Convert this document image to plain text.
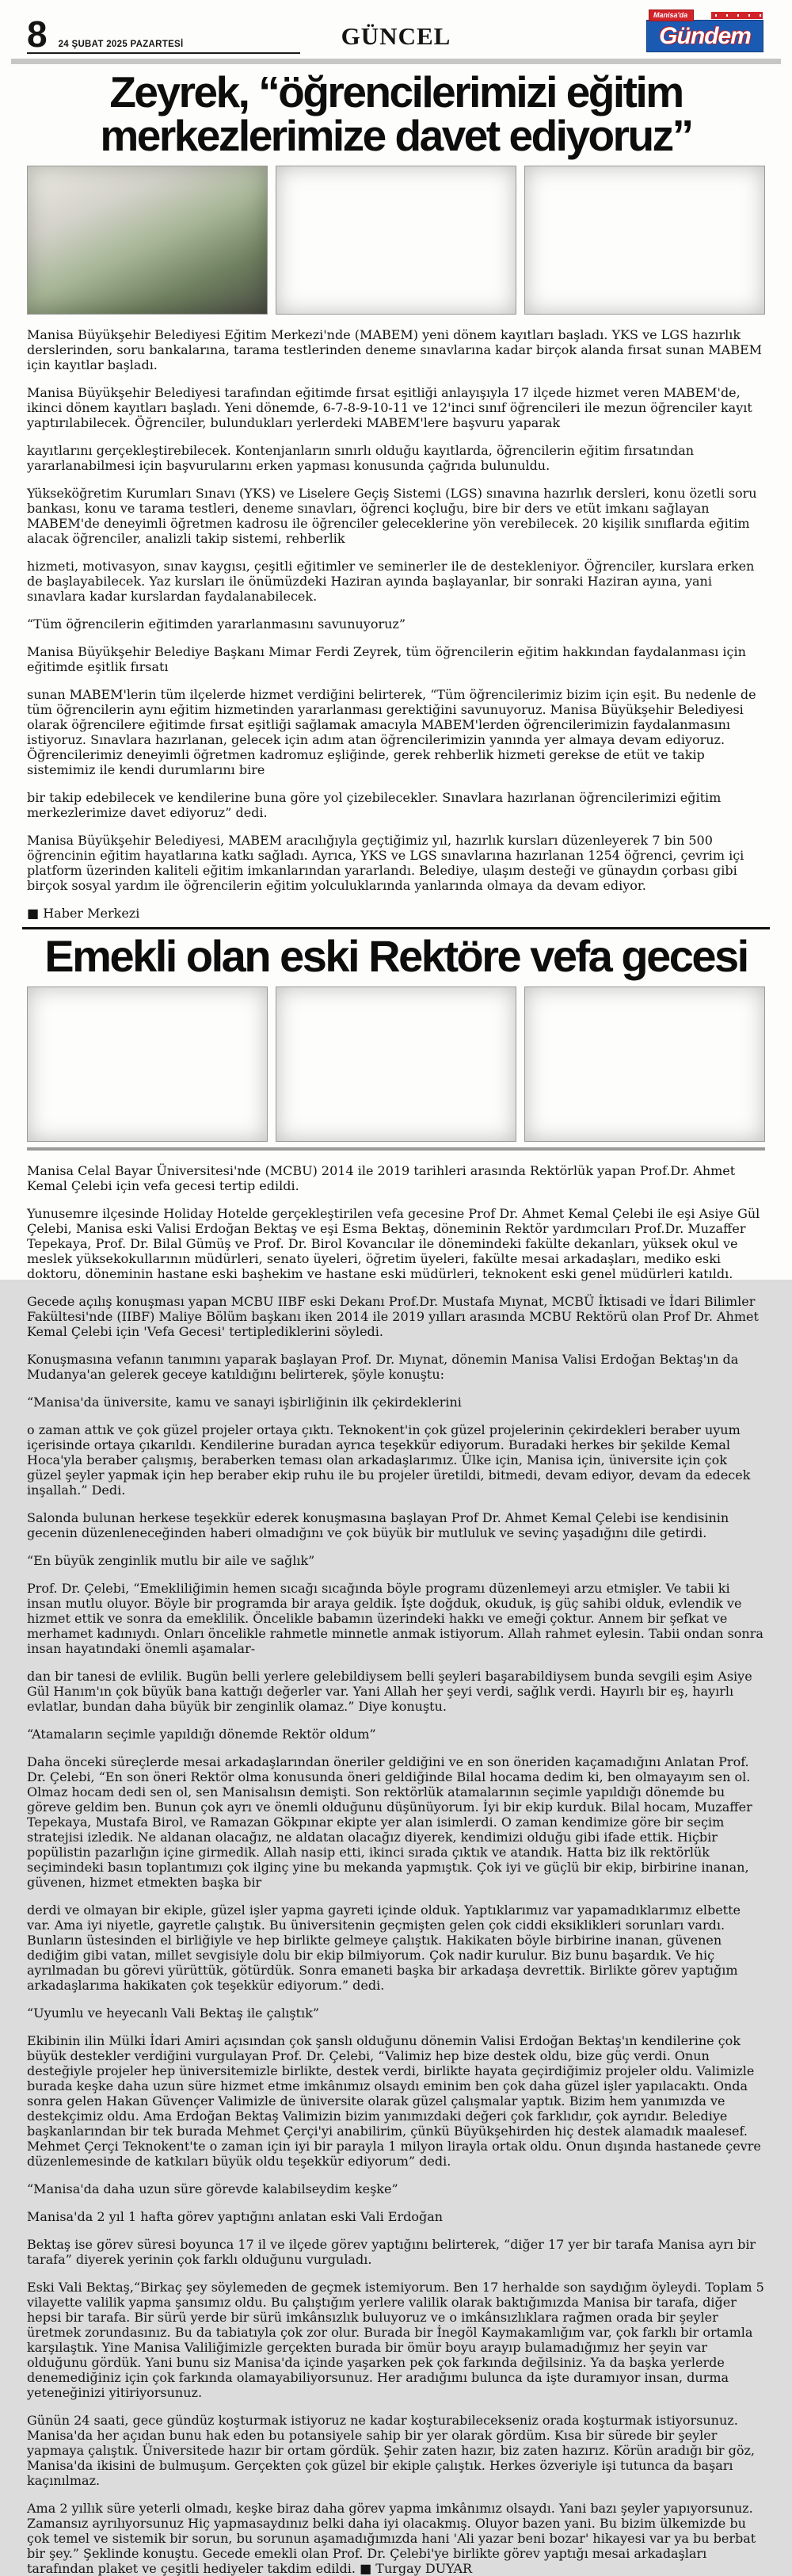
8 24 ŞUBAT 2025 PAZARTESİ	GÜNCEL
Manisa'da
Gündem
Zeyrek, “öğrencilerimizi eğitim merkezlerimize davet ediyoruz”

Manisa Büyükşehir Belediyesi Eğitim Merkezi'nde (MABEM) yeni dönem kayıtları başladı. YKS ve LGS hazırlık derslerinden, soru bankalarına, tarama testlerinden deneme sınavlarına kadar birçok alanda fırsat sunan MABEM için kayıtlar başladı.

Manisa Büyükşehir Belediyesi tarafından eğitimde fırsat eşitliği anlayışıyla 17 ilçede hizmet veren MABEM'de, ikinci dönem kayıtları başladı. Yeni dönemde, 6-7-8-9-10-11 ve 12'inci sınıf öğrencileri ile mezun öğrenciler kayıt yaptırılabilecek. Öğrenciler, bulundukları yerlerdeki MABEM'lere başvuru yaparak

kayıtlarını gerçekleştirebilecek. Kontenjanların sınırlı olduğu kayıtlarda, öğrencilerin eğitim fırsatından yararlanabilmesi için başvurularını erken yapması konusunda çağrıda bulunuldu.

Yükseköğretim Kurumları Sınavı (YKS) ve Liselere Geçiş Sistemi (LGS) sınavına hazırlık dersleri, konu özetli soru bankası, konu ve tarama testleri, deneme sınavları, öğrenci koçluğu, bire bir ders ve etüt imkanı sağlayan MABEM'de deneyimli öğretmen kadrosu ile öğrenciler geleceklerine yön verebilecek. 20 kişilik sınıflarda eğitim alacak öğrenciler, analizli takip sistemi, rehberlik

hizmeti, motivasyon, sınav kaygısı, çeşitli eğitimler ve seminerler ile de destekleniyor. Öğrenciler, kurslara erken de başlayabilecek. Yaz kursları ile önümüzdeki Haziran ayında başlayanlar, bir sonraki Haziran ayına, yani sınavlara kadar kurslardan faydalanabilecek.

“Tüm öğrencilerin eğitimden yararlanmasını savunuyoruz”

Manisa Büyükşehir Belediye Başkanı Mimar Ferdi Zeyrek, tüm öğrencilerin eğitim hakkından faydalanması için eğitimde eşitlik fırsatı

sunan MABEM'lerin tüm ilçelerde hizmet verdiğini belirterek, “Tüm öğrencilerimiz bizim için eşit. Bu nedenle de tüm öğrencilerin aynı eğitim hizmetinden yararlanması gerektiğini savunuyoruz. Manisa Büyükşehir Belediyesi olarak öğrencilere eğitimde fırsat eşitliği sağlamak amacıyla MABEM'lerden öğrencilerimizin faydalanmasını istiyoruz. Sınavlara hazırlanan, gelecek için adım atan öğrencilerimizin yanında yer almaya devam ediyoruz. Öğrencilerimiz deneyimli öğretmen kadromuz eşliğinde, gerek rehberlik hizmeti gerekse de etüt ve takip sistemimiz ile kendi durumlarını bire

bir takip edebilecek ve kendilerine buna göre yol çizebilecekler. Sınavlara hazırlanan öğrencilerimizi eğitim merkezlerimize davet ediyoruz” dedi.

Manisa Büyükşehir Belediyesi, MABEM aracılığıyla geçtiğimiz yıl, hazırlık kursları düzenleyerek 7 bin 500 öğrencinin eğitim hayatlarına katkı sağladı. Ayrıca, YKS ve LGS sınavlarına hazırlanan 1254 öğrenci, çevrim içi platform üzerinden kaliteli eğitim imkanlarından yararlandı. Belediye, ulaşım desteği ve günaydın çorbası gibi birçok sosyal yardım ile öğrencilerin eğitim yolculuklarında yanlarında olmaya da devam ediyor.

■ Haber Merkezi
Emekli olan eski Rektöre vefa gecesi

Manisa Celal Bayar Üniversitesi'nde (MCBU) 2014 ile 2019 tarihleri arasında Rektörlük yapan Prof.Dr. Ahmet Kemal Çelebi için vefa gecesi tertip edildi.

Yunusemre ilçesinde Holiday Hotelde gerçekleştirilen vefa gecesine Prof Dr. Ahmet Kemal Çelebi ile eşi Asiye Gül Çelebi, Manisa eski Valisi Erdoğan Bektaş ve eşi Esma Bektaş, döneminin Rektör yardımcıları Prof.Dr. Muzaffer Tepekaya, Prof. Dr. Bilal Gümüş ve Prof. Dr. Birol Kovancılar ile dönemindeki fakülte dekanları, yüksek okul ve meslek yüksekokullarının müdürleri, senato üyeleri, öğretim üyeleri, fakülte mesai arkadaşları, mediko eski doktoru, döneminin hastane eski başhekim ve hastane eski müdürleri, teknokent eski genel müdürleri katıldı.

Gecede açılış konuşması yapan MCBU IIBF eski Dekanı Prof.Dr. Mustafa Mıynat, MCBÜ İktisadi ve İdari Bilimler Fakültesi'nde (IIBF) Maliye Bölüm başkanı iken 2014 ile 2019 yılları arasında MCBU Rektörü olan Prof Dr. Ahmet Kemal Çelebi için 'Vefa Gecesi' tertiplediklerini söyledi.

Konuşmasına vefanın tanımını yaparak başlayan Prof. Dr. Mıynat, dönemin Manisa Valisi Erdoğan Bektaş'ın da Mudanya'an gelerek geceye katıldığını belirterek, şöyle konuştu:

“Manisa'da üniversite, kamu ve sanayi işbirliğinin ilk çekirdeklerini

o zaman attık ve çok güzel projeler ortaya çıktı. Teknokent'in çok güzel projelerinin çekirdekleri beraber uyum içerisinde ortaya çıkarıldı. Kendilerine buradan ayrıca teşekkür ediyorum. Buradaki herkes bir şekilde Kemal Hoca'yla beraber çalışmış, beraberken teması olan arkadaşlarımız. Ülke için, Manisa için, üniversite için çok güzel şeyler yapmak için hep beraber ekip ruhu ile bu projeler üretildi, bitmedi, devam ediyor, devam da edecek inşallah.” Dedi.

Salonda bulunan herkese teşekkür ederek konuşmasına başlayan Prof Dr. Ahmet Kemal Çelebi ise kendisinin gecenin düzenleneceğinden haberi olmadığını ve çok büyük bir mutluluk ve sevinç yaşadığını dile getirdi.

“En büyük zenginlik mutlu bir aile ve sağlık”

Prof. Dr. Çelebi, “Emekliliğimin hemen sıcağı sıcağında böyle programı düzenlemeyi arzu etmişler. Ve tabii ki insan mutlu oluyor. Böyle bir programda bir araya geldik. İşte doğduk, okuduk, iş güç sahibi olduk, evlendik ve hizmet ettik ve sonra da emeklilik. Öncelikle babamın üzerindeki hakkı ve emeği çoktur. Annem bir şefkat ve merhamet kadınıydı. Onları öncelikle rahmetle minnetle anmak istiyorum. Allah rahmet eylesin. Tabii ondan sonra insan hayatındaki önemli aşamalar-

dan bir tanesi de evlilik. Bugün belli yerlere gelebildiysem belli şeyleri başarabildiysem bunda sevgili eşim Asiye Gül Hanım'ın çok büyük bana kattığı değerler var. Yani Allah her şeyi verdi, sağlık verdi. Hayırlı bir eş, hayırlı evlatlar, bundan daha büyük bir zenginlik olamaz.” Diye konuştu.

“Atamaların seçimle yapıldığı dönemde Rektör oldum”

Daha önceki süreçlerde mesai arkadaşlarından öneriler geldiğini ve en son öneriden kaçamadığını Anlatan Prof. Dr. Çelebi, “En son öneri Rektör olma konusunda öneri geldiğinde Bilal hocama dedim ki, ben olmayayım sen ol. Olmaz hocam dedi sen ol, sen Manisalısın demişti. Son rektörlük atamalarının seçimle yapıldığı dönemde bu göreve geldim ben. Bunun çok ayrı ve önemli olduğunu düşünüyorum. İyi bir ekip kurduk. Bilal hocam, Muzaffer Tepekaya, Mustafa Birol, ve Ramazan Gökpınar ekipte yer alan isimlerdi. O zaman kendimize göre bir seçim stratejisi izledik. Ne aldanan olacağız, ne aldatan olacağız diyerek, kendimizi olduğu gibi ifade ettik. Hiçbir popülistin pazarlığın içine girmedik. Allah nasip etti, ikinci sırada çıktık ve atandık. Hatta biz ilk rektörlük seçimindeki basın toplantımızı çok ilginç yine bu mekanda yapmıştık. Çok iyi ve güçlü bir ekip, birbirine inanan, güvenen, hizmet etmekten başka bir

derdi ve olmayan bir ekiple, güzel işler yapma gayreti içinde olduk. Yaptıklarımız var yapamadıklarımız elbette var. Ama iyi niyetle, gayretle çalıştık. Bu üniversitenin geçmişten gelen çok ciddi eksiklikleri sorunları vardı. Bunların üstesinden el birliğiyle ve hep birlikte gelmeye çalıştık. Hakikaten böyle birbirine inanan, güvenen dediğim gibi vatan, millet sevgisiyle dolu bir ekip bilmiyorum. Çok nadir kurulur. Biz bunu başardık. Ve hiç ayrılmadan bu görevi yürüttük, götürdük. Sonra emaneti başka bir arkadaşa devrettik. Birlikte görev yaptığım arkadaşlarıma hakikaten çok teşekkür ediyorum.” dedi.

“Uyumlu ve heyecanlı Vali Bektaş ile çalıştık”

Ekibinin ilin Mülki İdari Amiri açısından çok şanslı olduğunu dönemin Valisi Erdoğan Bektaş'ın kendilerine çok büyük destekler verdiğini vurgulayan Prof. Dr. Çelebi, “Valimiz hep bize destek oldu, bize güç verdi. Onun desteğiyle projeler hep üniversitemizle birlikte, destek verdi, birlikte hayata geçirdiğimiz projeler oldu. Valimizle burada keşke daha uzun süre hizmet etme imkânımız olsaydı eminim ben çok daha güzel işler yapılacaktı. Onda sonra gelen Hakan Güvençer Valimizle de üniversite olarak güzel çalışmalar yaptık. Bizim hem yanımızda ve destekçimiz oldu. Ama Erdoğan Bektaş Valimizin bizim yanımızdaki değeri çok farklıdır, çok ayrıdır. Belediye başkanlarından bir tek burada Mehmet Çerçi'yi anabilirim, çünkü Büyükşehirden hiç destek alamadık maalesef. Mehmet Çerçi Teknokent'te o zaman için iyi bir parayla 1 milyon lirayla ortak oldu. Onun dışında hastanede çevre düzenlemesinde de katkıları büyük oldu teşekkür ediyorum” dedi.

“Manisa'da daha uzun süre görevde kalabilseydim keşke”

Manisa'da 2 yıl 1 hafta görev yaptığını anlatan eski Vali Erdoğan

Bektaş ise görev süresi boyunca 17 il ve ilçede görev yaptığını belirterek, “diğer 17 yer bir tarafa Manisa ayrı bir tarafa” diyerek yerinin çok farklı olduğunu vurguladı.

Eski Vali Bektaş,“Birkaç şey söylemeden de geçmek istemiyorum. Ben 17 herhalde son saydığım öyleydi. Toplam 5 vilayette valilik yapma şansımız oldu. Bu çalıştığım yerlere valilik olarak baktığımızda Manisa bir tarafa, diğer hepsi bir tarafa. Bir sürü yerde bir sürü imkânsızlık buluyoruz ve o imkânsızlıklara rağmen orada bir şeyler üretmek zorundasınız. Bu da tabiatıyla çok zor olur. Burada bir İnegöl Kaymakamlığım var, çok farklı bir ortamla karşılaştık. Yine Manisa Valiliğimizle gerçekten burada bir ömür boyu arayıp bulamadığımız her şeyin var olduğunu gördük. Yani bunu siz Manisa'da içinde yaşarken pek çok farkında değilsiniz. Ya da başka yerlerde denemediğiniz için çok farkında olamayabiliyorsunuz. Her aradığımı bulunca da işte duramıyor insan, durma yeteneğinizi yitiriyorsunuz.

Günün 24 saati, gece gündüz koşturmak istiyoruz ne kadar koşturabilecekseniz orada koşturmak istiyorsunuz. Manisa'da her açıdan bunu hak eden bu potansiyele sahip bir yer olarak gördüm. Kısa bir sürede bir şeyler yapmaya çalıştık. Üniversitede hazır bir ortam gördük. Şehir zaten hazır, biz zaten hazırız. Körün aradığı bir göz, Manisa'da ikisini de bulmuşum. Gerçekten çok güzel bir ekiple çalıştık. Herkes özveriyle işi tutunca da başarı kaçınılmaz.

Ama 2 yıllık süre yeterli olmadı, keşke biraz daha görev yapma imkânımız olsaydı. Yani bazı şeyler yapıyorsunuz. Zamansız ayrılıyorsunuz Hiç yapmasaydınız belki daha iyi olacakmış. Oluyor bazen yani. Bu bizim ülkemizde bu çok temel ve sistemik bir sorun, bu sorunun aşamadığımızda hani 'Ali yazar beni bozar' hikayesi var ya bu berbat bir şey.” Şeklinde konuştu. Gecede emekli olan Prof. Dr. Çelebi'ye birlikte görev yaptığı mesai arkadaşları tarafından plaket ve çeşitli hediyeler takdim edildi. ■ Turgay DUYAR
